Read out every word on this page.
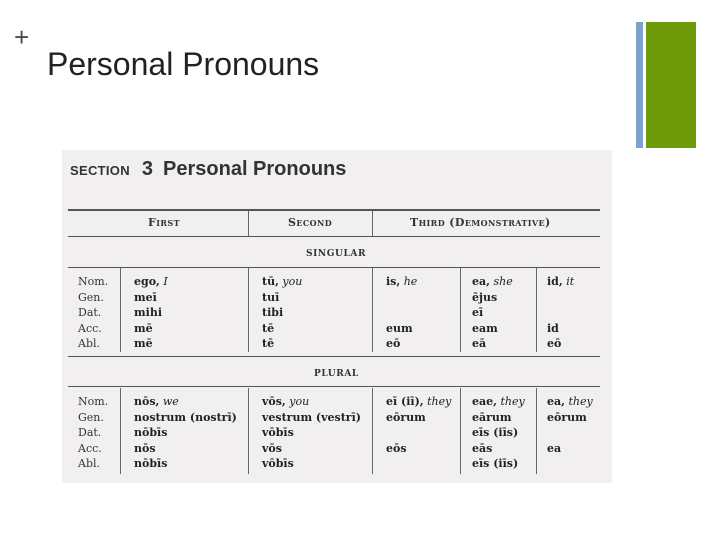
+
Personal Pronouns
SECTION 3 Personal Pronouns
First	Second	Third (Demonstrative)
SINGULAR
PLURAL
Nom.
Gen.
Dat.
Acc.
Abl.
ego, I
meī
mihi
mē
mē
tū, you
tuī
tibi
tē
tē
is, he
eum
eō
ea, she
ējus
eī
eam
eā
id, it
id
eō
Nom.
Gen.
Dat.
Acc.
Abl.
nōs, we
nostrum (nostrī)
nōbīs
nōs
nōbīs
vōs, you
vestrum (vestrī)
vōbīs
vōs
vōbīs
eī (iī), they
eōrum
eōs
eae, they
eārum
eīs (iīs)
eās
eīs (iīs)
ea, they
eōrum
ea
